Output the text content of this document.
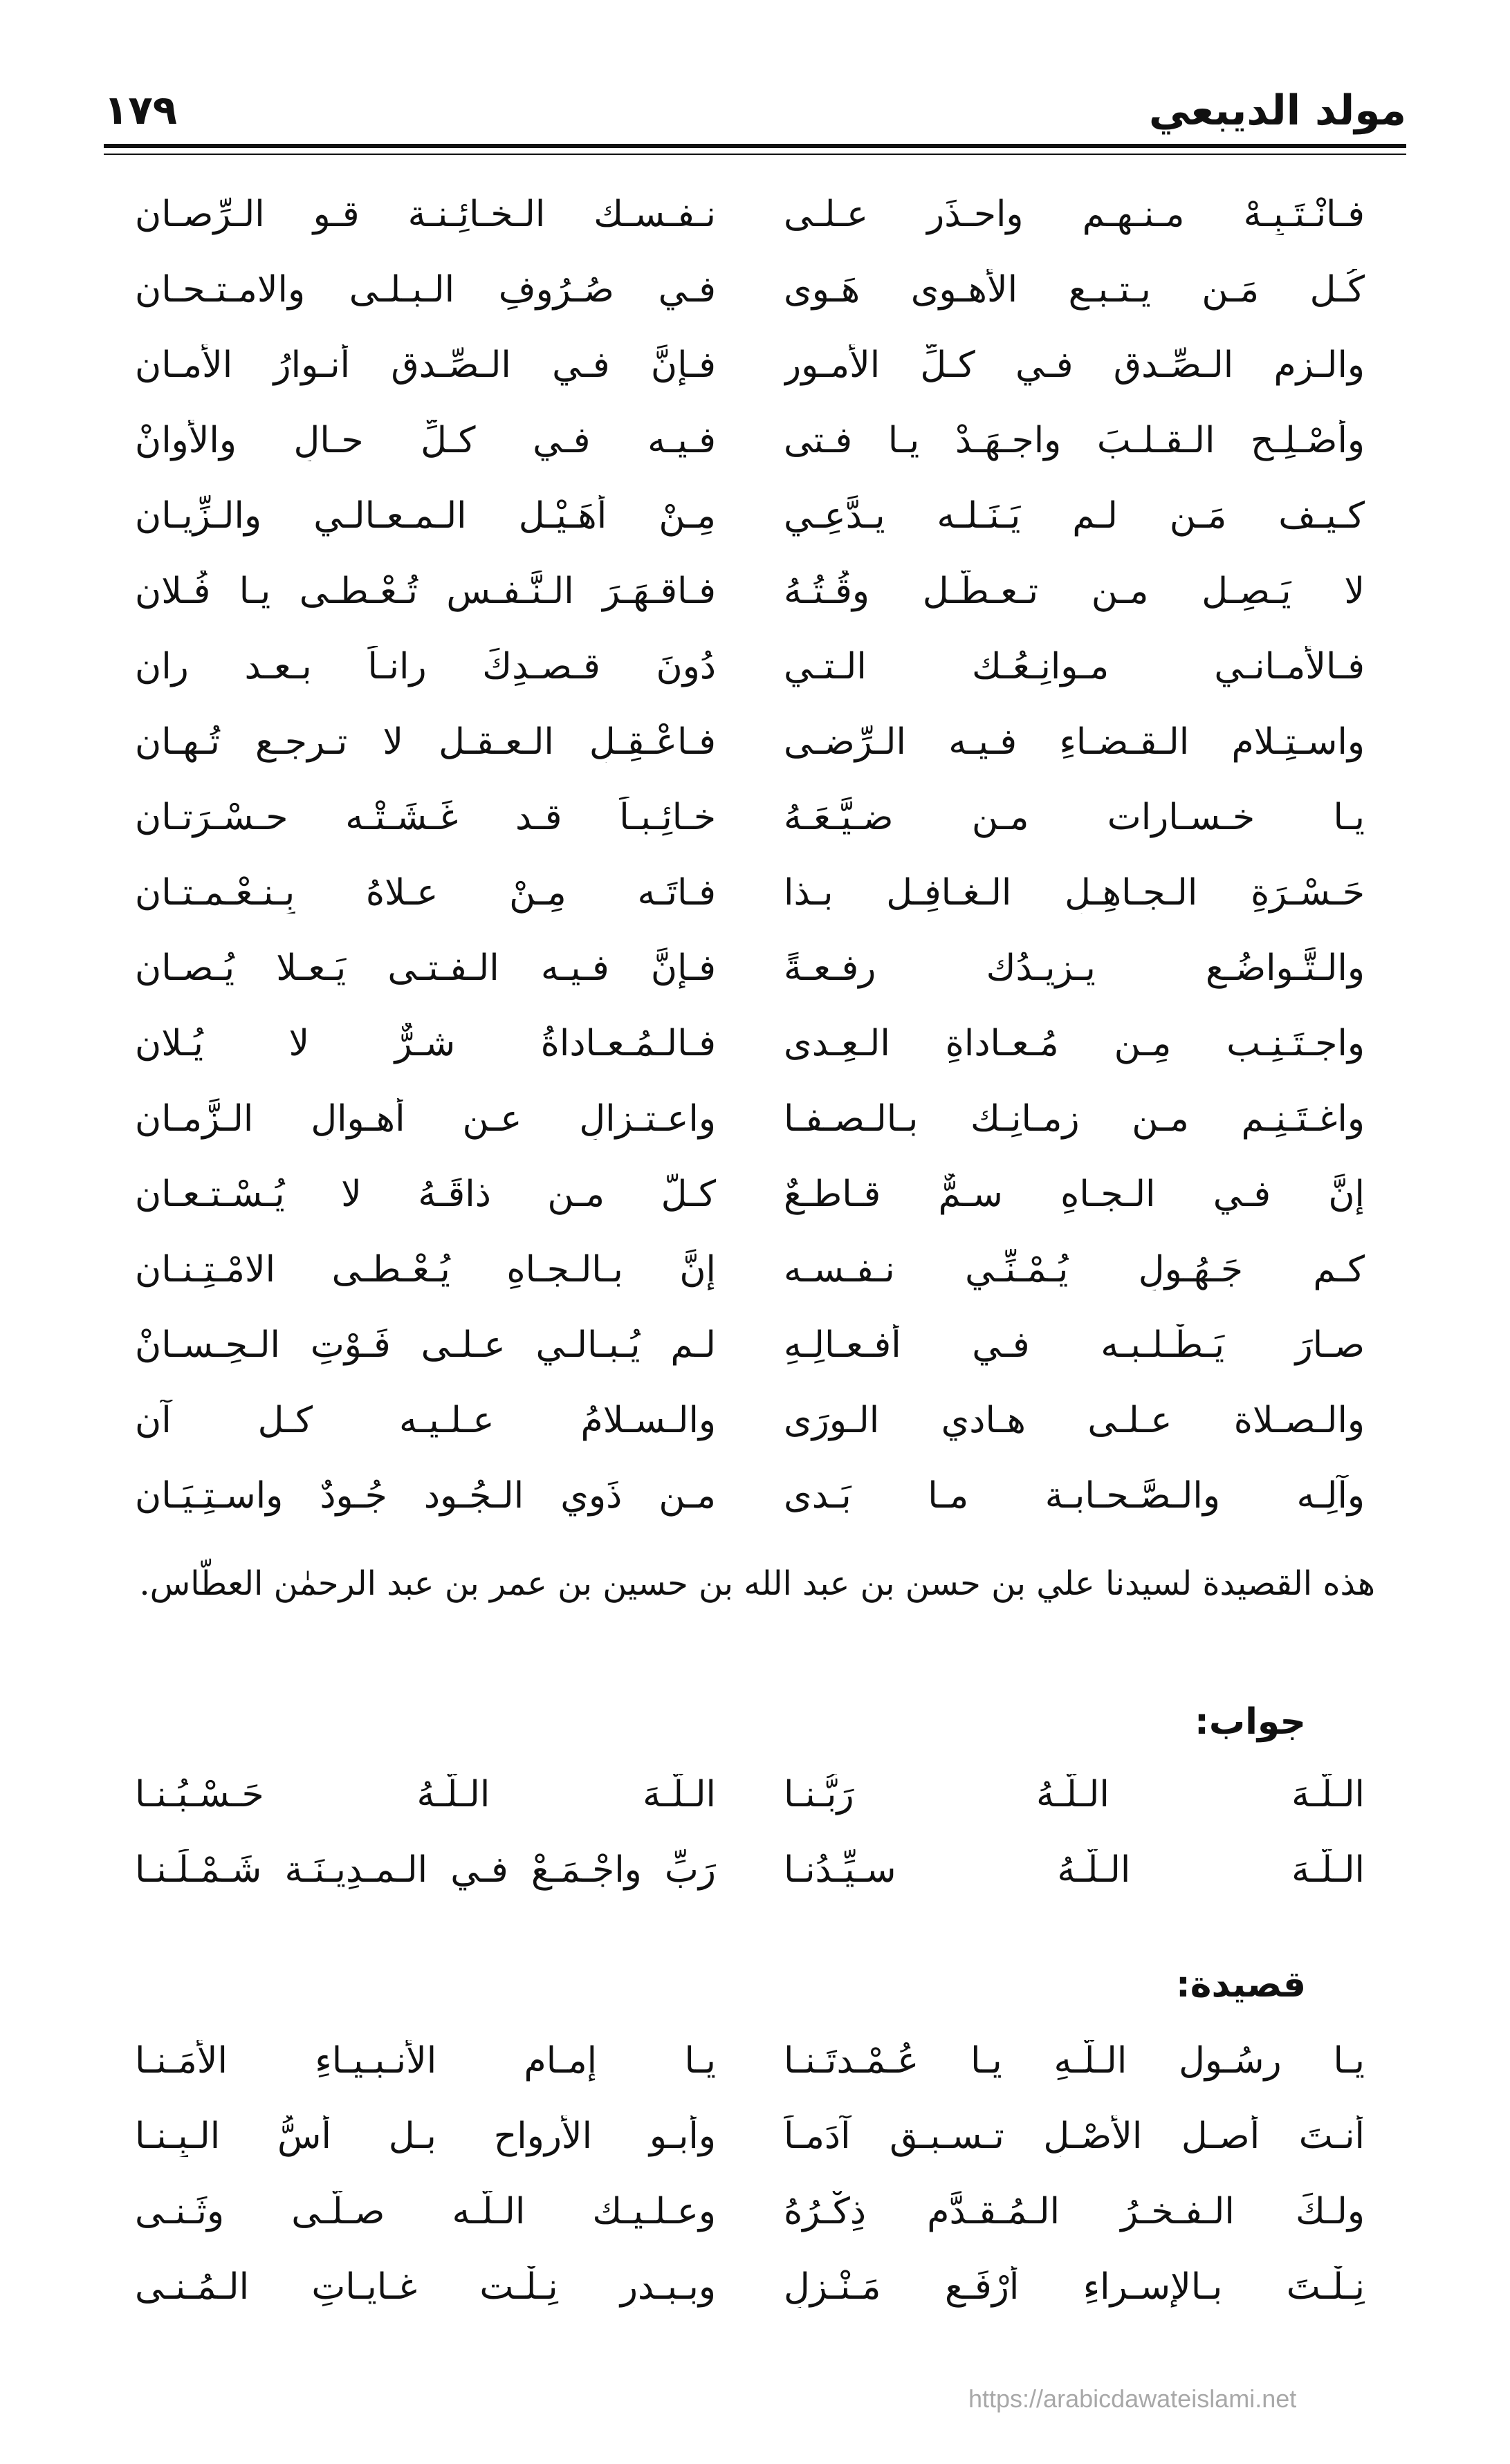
مولد الديبعي
١٧٩
فـانْـتَـبِـهْ مـنـهـم واحـذَر عـلـى
نـفـسـك الـخـائِـنـة قـوِ الـرِّصـان
كُـل مَـن يـتـبـع الأهـوى هَـوى
فـي صُـرُوفِ الـبـلـى والامـتـحـان
والـزِم الـصِّـدق فـي كـلِّ الأمـور
فـإنَّ فـي الـصِّـدق أنـوارُ الأمـان
وأصْـلِـحِ الـقـلـبَ واجـهَـدْ يـا فـتى
فـيـه فـي كـلِّ حـالٍ والأوانْ
كـيـف مَـن لـم يَـنَـلـه يـدَّعِـي
مِـنْ أُهَـيْـل الـمـعـالـي والـزِّيـان
لا يَـصِـل مـن تـعـطَّـل وقُـتُـهُ
فـاقـهَـرَ الـنَّـفـس تُـعْـطـى يـا فُـلان
فـالأمـانـي مـوانِـعُـك الـتـي
دُونَ قـصـدِكَ رانـاً بـعـد ران
واسـتِـلامِ الـقـضـاءِ فـيـه الـرِّضـى
فـاعْـقِـلِ الـعـقـل لا تـرجـع تُـهـان
يـا خـسـارات مـن ضـيَّـعَـهُ
خـائِـبـاً قـد غَـشَـتْـه حـسْـرَتـان
حَـسْـرَةِ الـجـاهِـلِ الـغـافِـل بـذا
فـاتَـه مِـنْ عـلاهُ بِـنـعْـمـتـان
والـتَّـواضُـع يـزِيـدُك رِفـعـةً
فـإنَّ فـيـه الـفـتـى يَـعـلا يُـصـان
واجـتَـنِـب مِـن مُـعـاداةِ الـعِـدى
فـالـمُـعـاداةُ شـرٌّ لا يُـلان
واغـتَـنِـم مـن زمـانِـك بـالـصـفـا
واعـتـزالٍ عـن أهـوالِ الـزَّمـان
إنَّ فـي الـجـاهِ سـمٌّ قـاطـعٌ
كـلُّ مـن ذاقَـهُ لا يُـسْـتـعـان
كـم جَـهُـولٍ يُـمْـنِّـي نـفـسـه
إنَّ بـالـجـاهِ يُـعْـطـى الامْـتِـنـان
صـارَ يَـطْـلـبـه فـي أفـعـالِـهِ
لـم يُـبـالـي عـلـى فَـوْتِ الـحِـسـانْ
والـصـلاة عـلـى هـادي الـورَى
والـسـلامُ عـلـيـه كـل آن
وآلِـه والـصَّـحـابـة مـا بَـدى
مـن ذَوِي الـجُـود جُـودٌ واسـتِـيَـان
هذه القصيدة لسيدنا علي بن حسن بن عبد الله بن حسين بن عمر بن عبد الرحمٰن العطّاس.
جواب:
الـلَّـهَ الـلَّـهُ رَبُّـنـا
الـلَّـهَ الـلَّـهُ حَـسْـبُـنـا
الـلَّـهَ الـلَّـهُ سـيِّـدُنـا
رَبِّ واجْـمَـعْ فـي الـمـدِيـنَـة شَـمْـلَـنـا
قصيدة:
يـا رسُـول الـلَّـهِ يـا عُـمْـدتَـنـا
يـا إمـام الأنـبـيـاءِ الأُمَـنـا
أنـتَ أصـل الأصْـلِ تـسـبـق آدَمـاً
وأبـو الأرواح بـل أُسُّ الـبِـنـا
ولـكَ الـفـخـرُ الـمُـقـدَّم ذِكْـرُهُ
وعـلـيـك الـلَّـه صـلَّـى وثَـنـى
نِـلْـتَ بـالإسـراءِ أرْفَـع مَـنْـزِلٍ
وبـبـدرٍ نِـلْـت غـايـاتِ الـمُـنـى
https://arabicdawateislami.net
